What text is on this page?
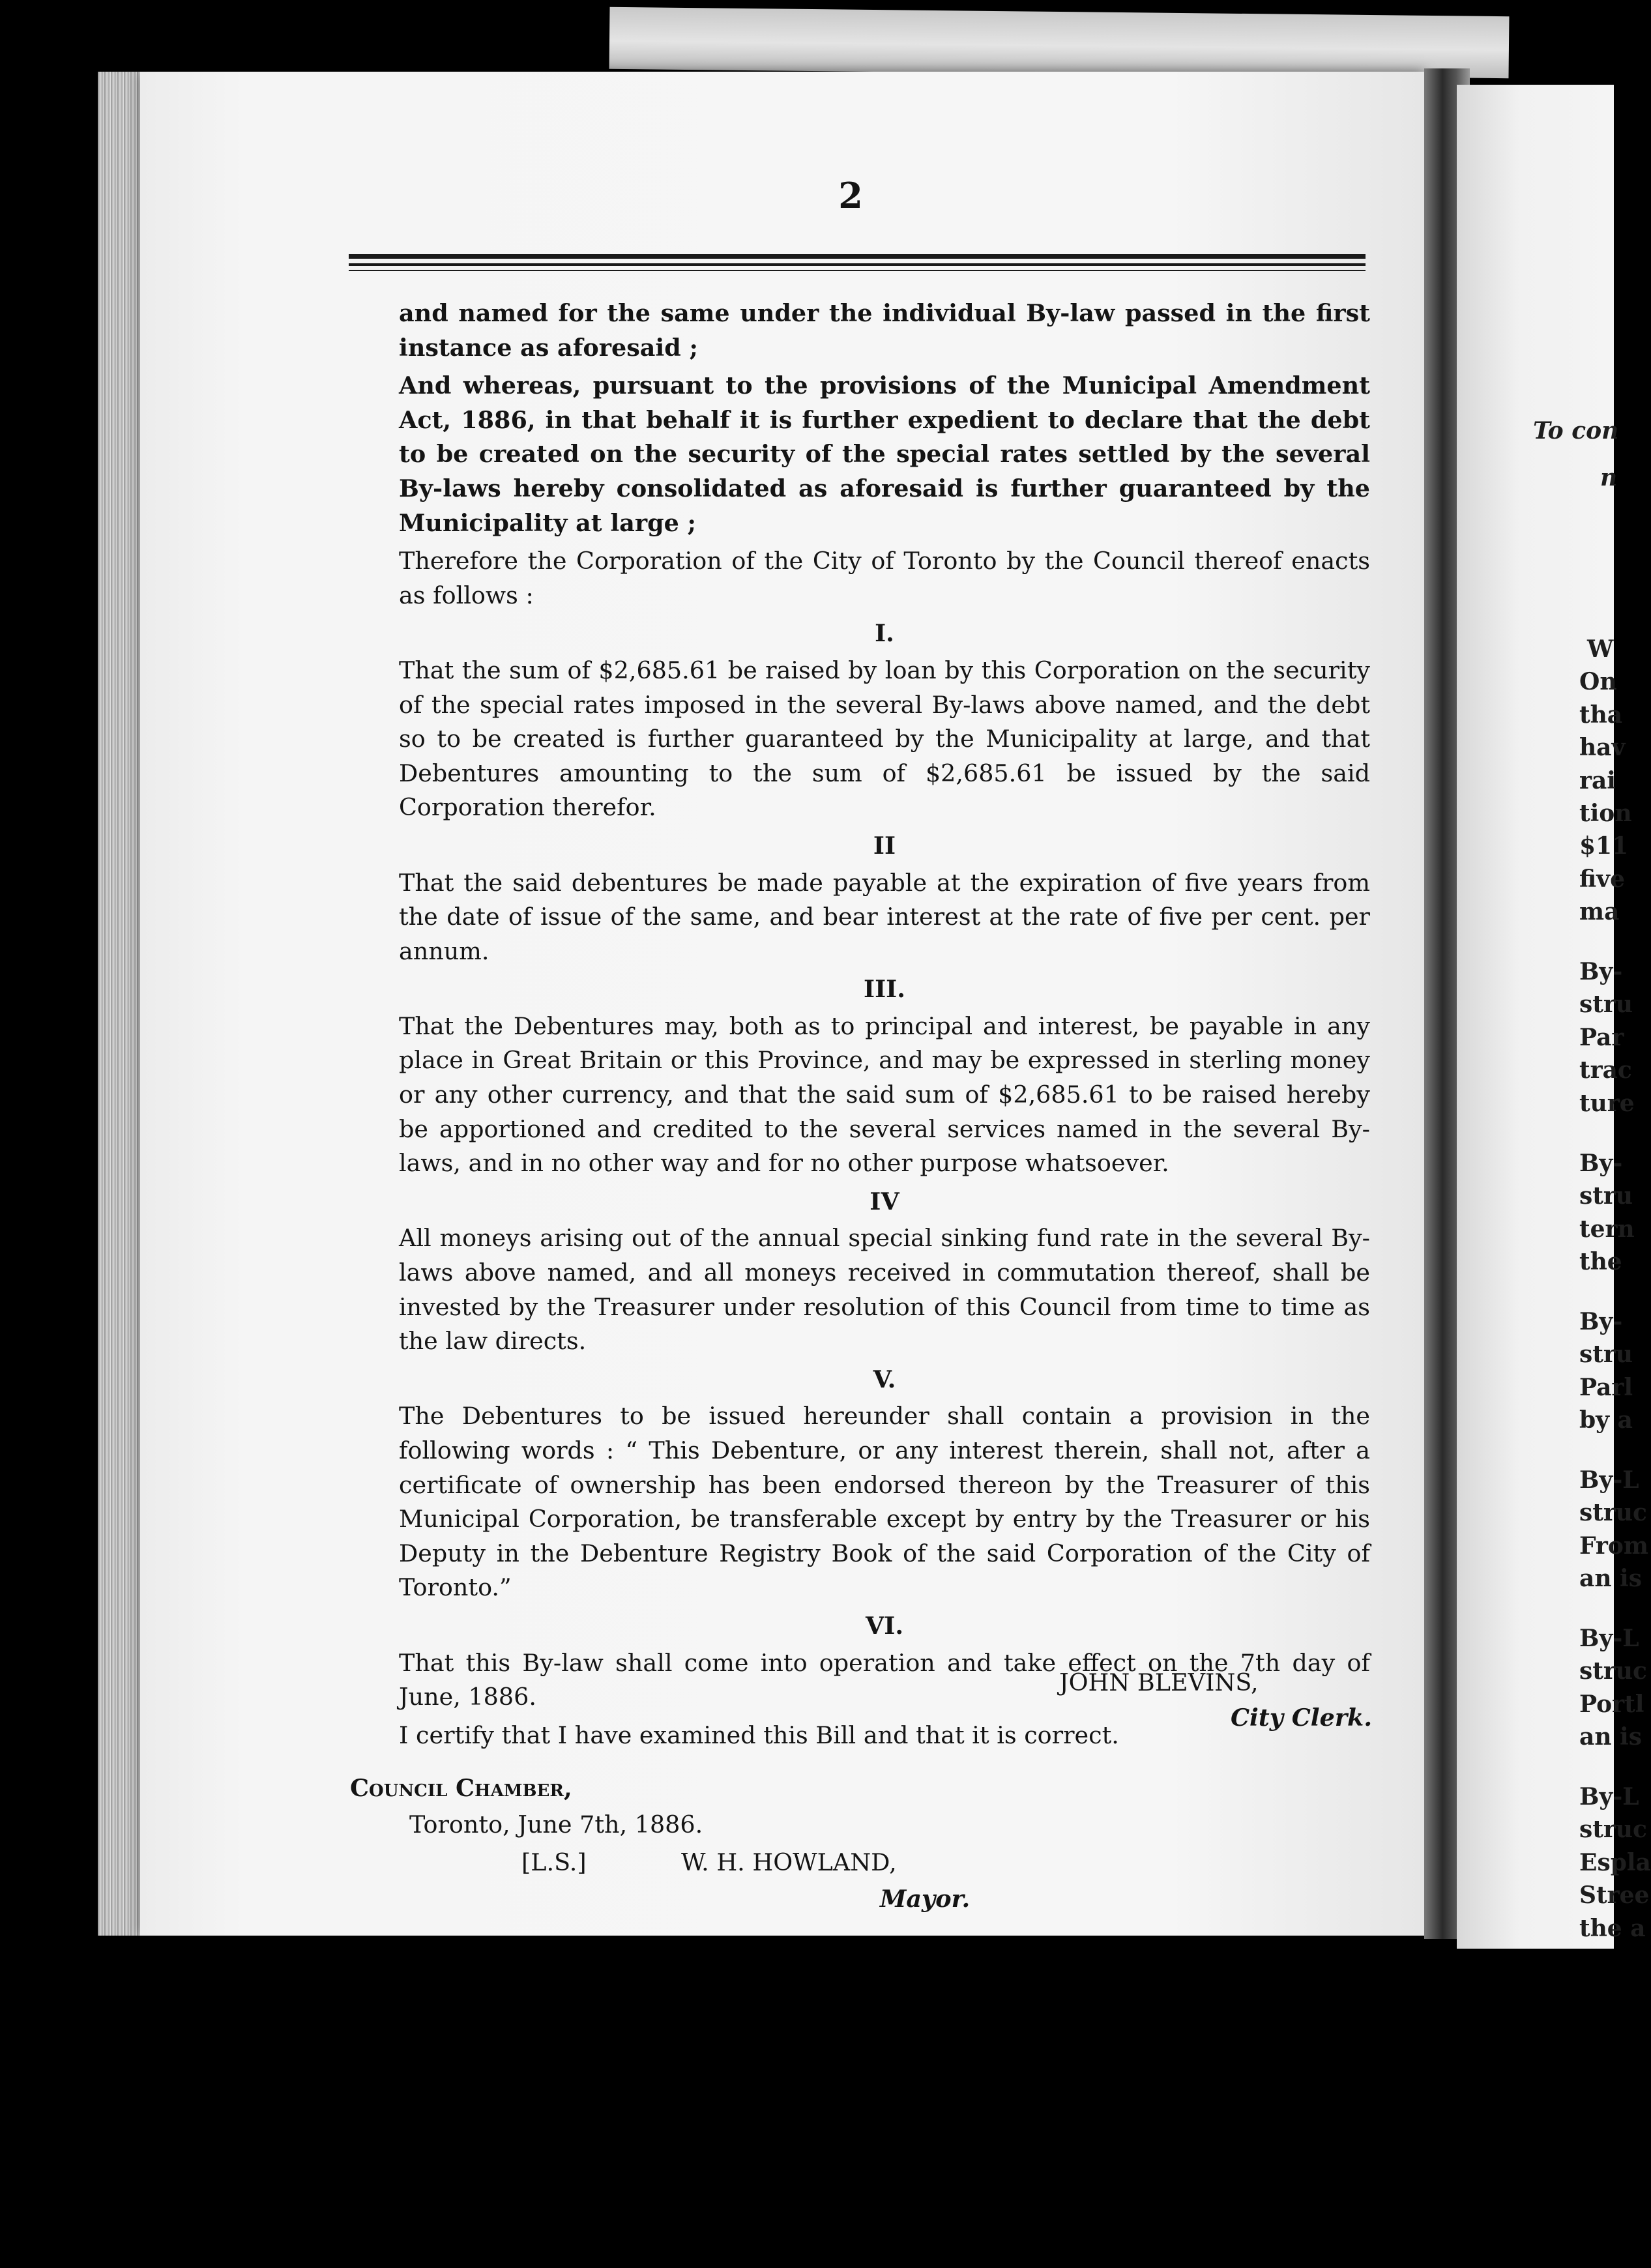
2

and named for the same under the individual By-law passed in the first instance as aforesaid ;

And whereas, pursuant to the provisions of the Municipal Amendment Act, 1886, in that behalf it is further expedient to declare that the debt to be created on the security of the special rates settled by the several By-laws hereby consolidated as aforesaid is further guaranteed by the Municipality at large ;

Therefore the Corporation of the City of Toronto by the Council thereof enacts as follows :

I.

That the sum of $2,685.61 be raised by loan by this Corporation on the security of the special rates imposed in the several By-laws above named, and the debt so to be created is further guaranteed by the Municipality at large, and that Debentures amounting to the sum of $2,685.61 be issued by the said Corporation therefor.

II

That the said debentures be made payable at the expiration of five years from the date of issue of the same, and bear interest at the rate of five per cent. per annum.

III.

That the Debentures may, both as to principal and interest, be payable in any place in Great Britain or this Province, and may be expressed in sterling money or any other currency, and that the said sum of $2,685.61 to be raised hereby be apportioned and credited to the several services named in the several By-laws, and in no other way and for no other purpose whatsoever.

IV

All moneys arising out of the annual special sinking fund rate in the several By-laws above named, and all moneys received in commutation thereof, shall be invested by the Treasurer under resolution of this Council from time to time as the law directs.

V.

The Debentures to be issued hereunder shall contain a provision in the following words : “ This Debenture, or any interest therein, shall not, after a certificate of ownership has been endorsed thereon by the Treasurer of this Municipal Corporation, be transferable except by entry by the Treasurer or his Deputy in the Debenture Registry Book of the said Corporation of the City of Toronto.”

VI.

That this By-law shall come into operation and take effect on the 7th day of June, 1886.

I certify that I have examined this Bill and that it is correct.

JOHN BLEVINS,
City Clerk.
Council Chamber,
Toronto, June 7th, 1886.
[L.S.]	W. H. HOWLAND,
Mayor.
To con
n
W
On
tha
hav
rai
tion
$11
five
ma
By-
stru
Par
trac
ture
By-
stru
tern
the
By-
stru
Parl
by a
By-L
struc
From
an is
By-L
struc
Portl
an is
By-L
struc
Espla
Stree
the a
